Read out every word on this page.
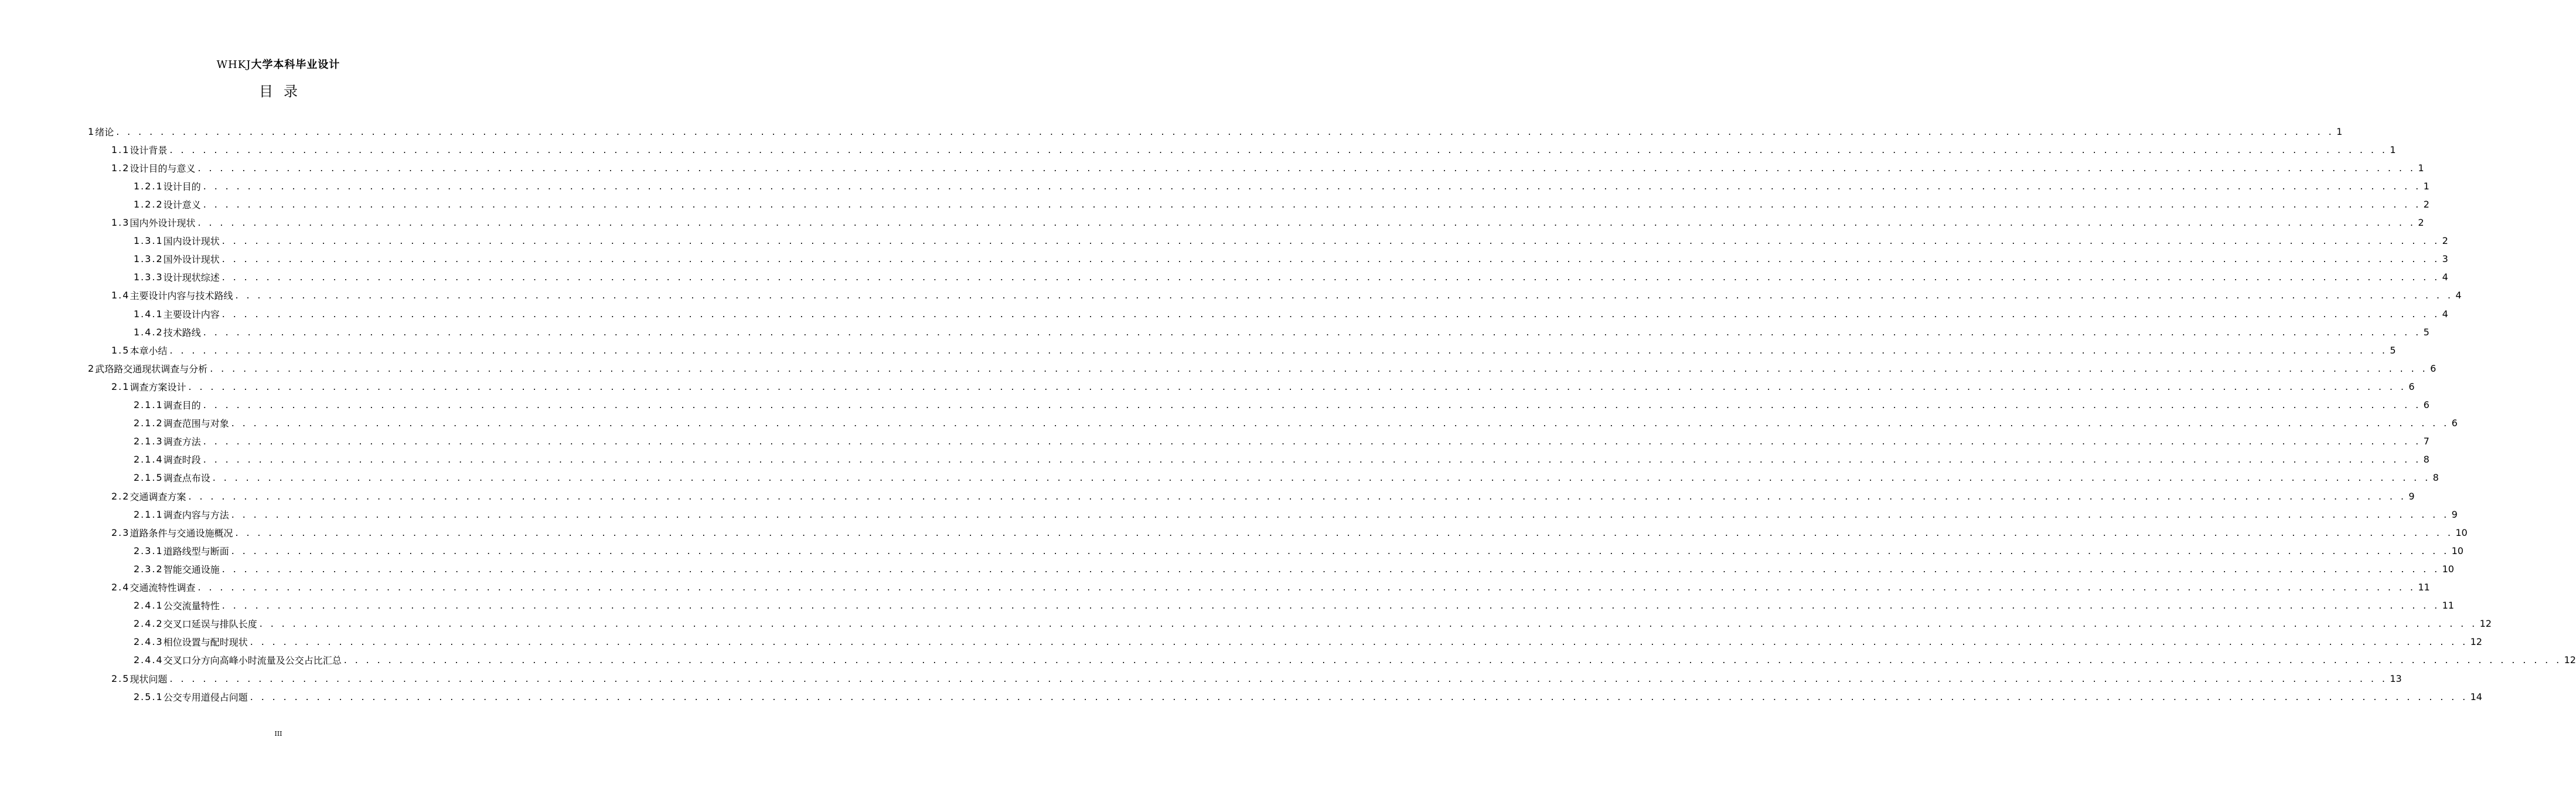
WHKJ大学本科毕业设计
目录
1 绪论 . . . . . . . . . . . . . . . . . . . . . . . . . . . . . . . . . . . . . . . . . . . . . . . . . . . . . . . . . . . . . . . . . . . . . . . . . . . . . . . . . . . . . . . . . . . . . . . . . . . . . . . . . . . . . . . . . . . . . . . . . . . . . . . . . . . . . . . . . . . . . . . . . . . . . . . . . . . . . . . . . . . . . . . . . . . . . . . . . . . . . . . . . . . . . . . . . . . . . . . . 1
1.1 设计背景 . . . . . . . . . . . . . . . . . . . . . . . . . . . . . . . . . . . . . . . . . . . . . . . . . . . . . . . . . . . . . . . . . . . . . . . . . . . . . . . . . . . . . . . . . . . . . . . . . . . . . . . . . . . . . . . . . . . . . . . . . . . . . . . . . . . . . . . . . . . . . . . . . . . . . . . . . . . . . . . . . . . . . . . . . . . . . . . . . . . . . . . . . . . . . . . . . . . . . . . . 1
1.2 设计目的与意义 . . . . . . . . . . . . . . . . . . . . . . . . . . . . . . . . . . . . . . . . . . . . . . . . . . . . . . . . . . . . . . . . . . . . . . . . . . . . . . . . . . . . . . . . . . . . . . . . . . . . . . . . . . . . . . . . . . . . . . . . . . . . . . . . . . . . . . . . . . . . . . . . . . . . . . . . . . . . . . . . . . . . . . . . . . . . . . . . . . . . . . . . . . . . . . . . . . . . . . . . 1
1.2.1 设计目的 . . . . . . . . . . . . . . . . . . . . . . . . . . . . . . . . . . . . . . . . . . . . . . . . . . . . . . . . . . . . . . . . . . . . . . . . . . . . . . . . . . . . . . . . . . . . . . . . . . . . . . . . . . . . . . . . . . . . . . . . . . . . . . . . . . . . . . . . . . . . . . . . . . . . . . . . . . . . . . . . . . . . . . . . . . . . . . . . . . . . . . . . . . . . . . . . . . . . . . . . 1
1.2.2 设计意义 . . . . . . . . . . . . . . . . . . . . . . . . . . . . . . . . . . . . . . . . . . . . . . . . . . . . . . . . . . . . . . . . . . . . . . . . . . . . . . . . . . . . . . . . . . . . . . . . . . . . . . . . . . . . . . . . . . . . . . . . . . . . . . . . . . . . . . . . . . . . . . . . . . . . . . . . . . . . . . . . . . . . . . . . . . . . . . . . . . . . . . . . . . . . . . . . . . . . . . . . 2
1.3 国内外设计现状 . . . . . . . . . . . . . . . . . . . . . . . . . . . . . . . . . . . . . . . . . . . . . . . . . . . . . . . . . . . . . . . . . . . . . . . . . . . . . . . . . . . . . . . . . . . . . . . . . . . . . . . . . . . . . . . . . . . . . . . . . . . . . . . . . . . . . . . . . . . . . . . . . . . . . . . . . . . . . . . . . . . . . . . . . . . . . . . . . . . . . . . . . . . . . . . . . . . . . . . . 2
1.3.1 国内设计现状 . . . . . . . . . . . . . . . . . . . . . . . . . . . . . . . . . . . . . . . . . . . . . . . . . . . . . . . . . . . . . . . . . . . . . . . . . . . . . . . . . . . . . . . . . . . . . . . . . . . . . . . . . . . . . . . . . . . . . . . . . . . . . . . . . . . . . . . . . . . . . . . . . . . . . . . . . . . . . . . . . . . . . . . . . . . . . . . . . . . . . . . . . . . . . . . . . . . . . . . . 2
1.3.2 国外设计现状 . . . . . . . . . . . . . . . . . . . . . . . . . . . . . . . . . . . . . . . . . . . . . . . . . . . . . . . . . . . . . . . . . . . . . . . . . . . . . . . . . . . . . . . . . . . . . . . . . . . . . . . . . . . . . . . . . . . . . . . . . . . . . . . . . . . . . . . . . . . . . . . . . . . . . . . . . . . . . . . . . . . . . . . . . . . . . . . . . . . . . . . . . . . . . . . . . . . . . . . . 3
1.3.3 设计现状综述 . . . . . . . . . . . . . . . . . . . . . . . . . . . . . . . . . . . . . . . . . . . . . . . . . . . . . . . . . . . . . . . . . . . . . . . . . . . . . . . . . . . . . . . . . . . . . . . . . . . . . . . . . . . . . . . . . . . . . . . . . . . . . . . . . . . . . . . . . . . . . . . . . . . . . . . . . . . . . . . . . . . . . . . . . . . . . . . . . . . . . . . . . . . . . . . . . . . . . . . . 4
1.4 主要设计内容与技术路线 . . . . . . . . . . . . . . . . . . . . . . . . . . . . . . . . . . . . . . . . . . . . . . . . . . . . . . . . . . . . . . . . . . . . . . . . . . . . . . . . . . . . . . . . . . . . . . . . . . . . . . . . . . . . . . . . . . . . . . . . . . . . . . . . . . . . . . . . . . . . . . . . . . . . . . . . . . . . . . . . . . . . . . . . . . . . . . . . . . . . . . . . . . . . . . . . . . . . . . . . 4
1.4.1 主要设计内容 . . . . . . . . . . . . . . . . . . . . . . . . . . . . . . . . . . . . . . . . . . . . . . . . . . . . . . . . . . . . . . . . . . . . . . . . . . . . . . . . . . . . . . . . . . . . . . . . . . . . . . . . . . . . . . . . . . . . . . . . . . . . . . . . . . . . . . . . . . . . . . . . . . . . . . . . . . . . . . . . . . . . . . . . . . . . . . . . . . . . . . . . . . . . . . . . . . . . . . . . 4
1.4.2 技术路线 . . . . . . . . . . . . . . . . . . . . . . . . . . . . . . . . . . . . . . . . . . . . . . . . . . . . . . . . . . . . . . . . . . . . . . . . . . . . . . . . . . . . . . . . . . . . . . . . . . . . . . . . . . . . . . . . . . . . . . . . . . . . . . . . . . . . . . . . . . . . . . . . . . . . . . . . . . . . . . . . . . . . . . . . . . . . . . . . . . . . . . . . . . . . . . . . . . . . . . . . 5
1.5 本章小结 . . . . . . . . . . . . . . . . . . . . . . . . . . . . . . . . . . . . . . . . . . . . . . . . . . . . . . . . . . . . . . . . . . . . . . . . . . . . . . . . . . . . . . . . . . . . . . . . . . . . . . . . . . . . . . . . . . . . . . . . . . . . . . . . . . . . . . . . . . . . . . . . . . . . . . . . . . . . . . . . . . . . . . . . . . . . . . . . . . . . . . . . . . . . . . . . . . . . . . . . 5
2 武珞路交通现状调查与分析 . . . . . . . . . . . . . . . . . . . . . . . . . . . . . . . . . . . . . . . . . . . . . . . . . . . . . . . . . . . . . . . . . . . . . . . . . . . . . . . . . . . . . . . . . . . . . . . . . . . . . . . . . . . . . . . . . . . . . . . . . . . . . . . . . . . . . . . . . . . . . . . . . . . . . . . . . . . . . . . . . . . . . . . . . . . . . . . . . . . . . . . . . . . . . . . . . . . . . . . . 6
2.1 调查方案设计 . . . . . . . . . . . . . . . . . . . . . . . . . . . . . . . . . . . . . . . . . . . . . . . . . . . . . . . . . . . . . . . . . . . . . . . . . . . . . . . . . . . . . . . . . . . . . . . . . . . . . . . . . . . . . . . . . . . . . . . . . . . . . . . . . . . . . . . . . . . . . . . . . . . . . . . . . . . . . . . . . . . . . . . . . . . . . . . . . . . . . . . . . . . . . . . . . . . . . . . . 6
2.1.1 调查目的 . . . . . . . . . . . . . . . . . . . . . . . . . . . . . . . . . . . . . . . . . . . . . . . . . . . . . . . . . . . . . . . . . . . . . . . . . . . . . . . . . . . . . . . . . . . . . . . . . . . . . . . . . . . . . . . . . . . . . . . . . . . . . . . . . . . . . . . . . . . . . . . . . . . . . . . . . . . . . . . . . . . . . . . . . . . . . . . . . . . . . . . . . . . . . . . . . . . . . . . . 6
2.1.2 调查范围与对象 . . . . . . . . . . . . . . . . . . . . . . . . . . . . . . . . . . . . . . . . . . . . . . . . . . . . . . . . . . . . . . . . . . . . . . . . . . . . . . . . . . . . . . . . . . . . . . . . . . . . . . . . . . . . . . . . . . . . . . . . . . . . . . . . . . . . . . . . . . . . . . . . . . . . . . . . . . . . . . . . . . . . . . . . . . . . . . . . . . . . . . . . . . . . . . . . . . . . . . . . 6
2.1.3 调查方法 . . . . . . . . . . . . . . . . . . . . . . . . . . . . . . . . . . . . . . . . . . . . . . . . . . . . . . . . . . . . . . . . . . . . . . . . . . . . . . . . . . . . . . . . . . . . . . . . . . . . . . . . . . . . . . . . . . . . . . . . . . . . . . . . . . . . . . . . . . . . . . . . . . . . . . . . . . . . . . . . . . . . . . . . . . . . . . . . . . . . . . . . . . . . . . . . . . . . . . . . 7
2.1.4 调查时段 . . . . . . . . . . . . . . . . . . . . . . . . . . . . . . . . . . . . . . . . . . . . . . . . . . . . . . . . . . . . . . . . . . . . . . . . . . . . . . . . . . . . . . . . . . . . . . . . . . . . . . . . . . . . . . . . . . . . . . . . . . . . . . . . . . . . . . . . . . . . . . . . . . . . . . . . . . . . . . . . . . . . . . . . . . . . . . . . . . . . . . . . . . . . . . . . . . . . . . . . 8
2.1.5 调查点布设 . . . . . . . . . . . . . . . . . . . . . . . . . . . . . . . . . . . . . . . . . . . . . . . . . . . . . . . . . . . . . . . . . . . . . . . . . . . . . . . . . . . . . . . . . . . . . . . . . . . . . . . . . . . . . . . . . . . . . . . . . . . . . . . . . . . . . . . . . . . . . . . . . . . . . . . . . . . . . . . . . . . . . . . . . . . . . . . . . . . . . . . . . . . . . . . . . . . . . . . . 8
2.2 交通调查方案 . . . . . . . . . . . . . . . . . . . . . . . . . . . . . . . . . . . . . . . . . . . . . . . . . . . . . . . . . . . . . . . . . . . . . . . . . . . . . . . . . . . . . . . . . . . . . . . . . . . . . . . . . . . . . . . . . . . . . . . . . . . . . . . . . . . . . . . . . . . . . . . . . . . . . . . . . . . . . . . . . . . . . . . . . . . . . . . . . . . . . . . . . . . . . . . . . . . . . . . . 9
2.1.1 调查内容与方法 . . . . . . . . . . . . . . . . . . . . . . . . . . . . . . . . . . . . . . . . . . . . . . . . . . . . . . . . . . . . . . . . . . . . . . . . . . . . . . . . . . . . . . . . . . . . . . . . . . . . . . . . . . . . . . . . . . . . . . . . . . . . . . . . . . . . . . . . . . . . . . . . . . . . . . . . . . . . . . . . . . . . . . . . . . . . . . . . . . . . . . . . . . . . . . . . . . . . . . . . 9
2.3 道路条件与交通设施概况 . . . . . . . . . . . . . . . . . . . . . . . . . . . . . . . . . . . . . . . . . . . . . . . . . . . . . . . . . . . . . . . . . . . . . . . . . . . . . . . . . . . . . . . . . . . . . . . . . . . . . . . . . . . . . . . . . . . . . . . . . . . . . . . . . . . . . . . . . . . . . . . . . . . . . . . . . . . . . . . . . . . . . . . . . . . . . . . . . . . . . . . . . . . . . . . . . . . . . . . . 10
2.3.1 道路线型与断面 . . . . . . . . . . . . . . . . . . . . . . . . . . . . . . . . . . . . . . . . . . . . . . . . . . . . . . . . . . . . . . . . . . . . . . . . . . . . . . . . . . . . . . . . . . . . . . . . . . . . . . . . . . . . . . . . . . . . . . . . . . . . . . . . . . . . . . . . . . . . . . . . . . . . . . . . . . . . . . . . . . . . . . . . . . . . . . . . . . . . . . . . . . . . . . . . . . . . . . . . 10
2.3.2 智能交通设施 . . . . . . . . . . . . . . . . . . . . . . . . . . . . . . . . . . . . . . . . . . . . . . . . . . . . . . . . . . . . . . . . . . . . . . . . . . . . . . . . . . . . . . . . . . . . . . . . . . . . . . . . . . . . . . . . . . . . . . . . . . . . . . . . . . . . . . . . . . . . . . . . . . . . . . . . . . . . . . . . . . . . . . . . . . . . . . . . . . . . . . . . . . . . . . . . . . . . . . . . 10
2.4 交通流特性调查 . . . . . . . . . . . . . . . . . . . . . . . . . . . . . . . . . . . . . . . . . . . . . . . . . . . . . . . . . . . . . . . . . . . . . . . . . . . . . . . . . . . . . . . . . . . . . . . . . . . . . . . . . . . . . . . . . . . . . . . . . . . . . . . . . . . . . . . . . . . . . . . . . . . . . . . . . . . . . . . . . . . . . . . . . . . . . . . . . . . . . . . . . . . . . . . . . . . . . . . . 11
2.4.1 公交流量特性 . . . . . . . . . . . . . . . . . . . . . . . . . . . . . . . . . . . . . . . . . . . . . . . . . . . . . . . . . . . . . . . . . . . . . . . . . . . . . . . . . . . . . . . . . . . . . . . . . . . . . . . . . . . . . . . . . . . . . . . . . . . . . . . . . . . . . . . . . . . . . . . . . . . . . . . . . . . . . . . . . . . . . . . . . . . . . . . . . . . . . . . . . . . . . . . . . . . . . . . . 11
2.4.2 交叉口延误与排队长度 . . . . . . . . . . . . . . . . . . . . . . . . . . . . . . . . . . . . . . . . . . . . . . . . . . . . . . . . . . . . . . . . . . . . . . . . . . . . . . . . . . . . . . . . . . . . . . . . . . . . . . . . . . . . . . . . . . . . . . . . . . . . . . . . . . . . . . . . . . . . . . . . . . . . . . . . . . . . . . . . . . . . . . . . . . . . . . . . . . . . . . . . . . . . . . . . . . . . . . . . 12
2.4.3 相位设置与配时现状 . . . . . . . . . . . . . . . . . . . . . . . . . . . . . . . . . . . . . . . . . . . . . . . . . . . . . . . . . . . . . . . . . . . . . . . . . . . . . . . . . . . . . . . . . . . . . . . . . . . . . . . . . . . . . . . . . . . . . . . . . . . . . . . . . . . . . . . . . . . . . . . . . . . . . . . . . . . . . . . . . . . . . . . . . . . . . . . . . . . . . . . . . . . . . . . . . . . . . . . . 12
2.4.4 交叉口分方向高峰小时流量及公交占比汇总 . . . . . . . . . . . . . . . . . . . . . . . . . . . . . . . . . . . . . . . . . . . . . . . . . . . . . . . . . . . . . . . . . . . . . . . . . . . . . . . . . . . . . . . . . . . . . . . . . . . . . . . . . . . . . . . . . . . . . . . . . . . . . . . . . . . . . . . . . . . . . . . . . . . . . . . . . . . . . . . . . . . . . . . . . . . . . . . . . . . . . . . . . . . . . . . . . . . . . . . . 12
2.5 现状问题 . . . . . . . . . . . . . . . . . . . . . . . . . . . . . . . . . . . . . . . . . . . . . . . . . . . . . . . . . . . . . . . . . . . . . . . . . . . . . . . . . . . . . . . . . . . . . . . . . . . . . . . . . . . . . . . . . . . . . . . . . . . . . . . . . . . . . . . . . . . . . . . . . . . . . . . . . . . . . . . . . . . . . . . . . . . . . . . . . . . . . . . . . . . . . . . . . . . . . . . . 13
2.5.1 公交专用道侵占问题 . . . . . . . . . . . . . . . . . . . . . . . . . . . . . . . . . . . . . . . . . . . . . . . . . . . . . . . . . . . . . . . . . . . . . . . . . . . . . . . . . . . . . . . . . . . . . . . . . . . . . . . . . . . . . . . . . . . . . . . . . . . . . . . . . . . . . . . . . . . . . . . . . . . . . . . . . . . . . . . . . . . . . . . . . . . . . . . . . . . . . . . . . . . . . . . . . . . . . . . . 14
III
